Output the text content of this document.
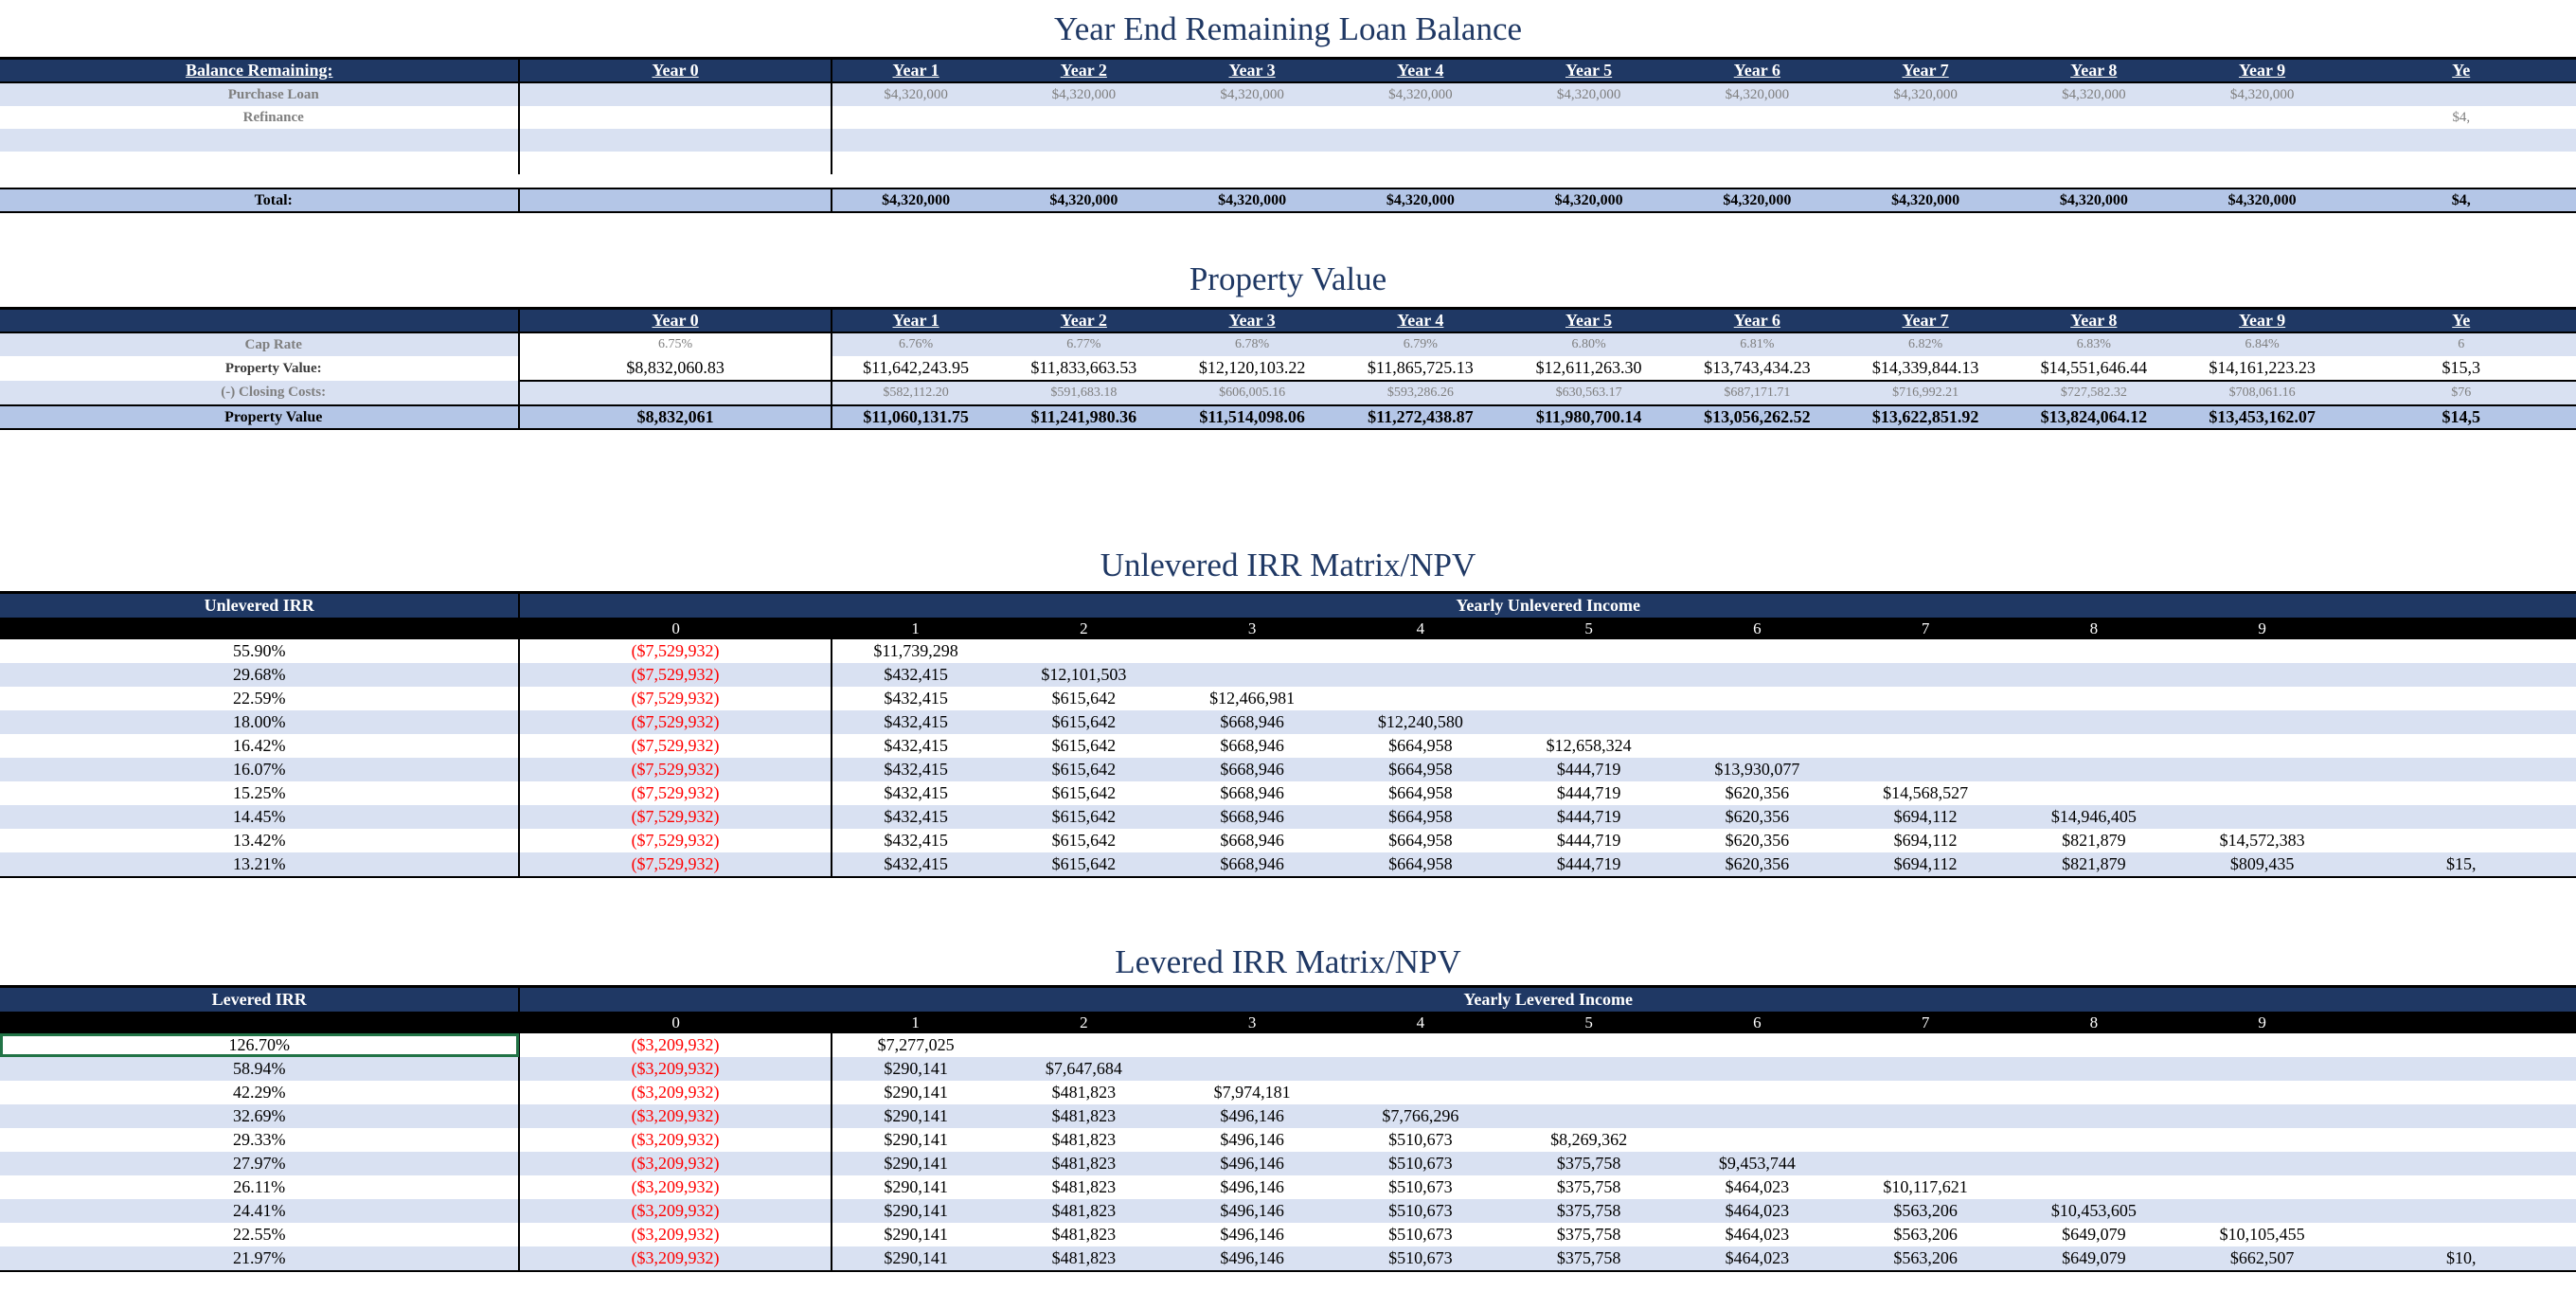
Year End Remaining Loan Balance
Balance Remaining:	Year 0	Year 1	Year 2	Year 3	Year 4	Year 5	Year 6	Year 7	Year 8	Year 9	Ye
Purchase Loan		$4,320,000	$4,320,000	$4,320,000	$4,320,000	$4,320,000	$4,320,000	$4,320,000	$4,320,000	$4,320,000	
Refinance											$4,

Total:		$4,320,000	$4,320,000	$4,320,000	$4,320,000	$4,320,000	$4,320,000	$4,320,000	$4,320,000	$4,320,000	$4,
Property Value
	Year 0	Year 1	Year 2	Year 3	Year 4	Year 5	Year 6	Year 7	Year 8	Year 9	Ye
Cap Rate	6.75%	6.76%	6.77%	6.78%	6.79%	6.80%	6.81%	6.82%	6.83%	6.84%	6
Property Value:	$8,832,060.83	$11,642,243.95	$11,833,663.53	$12,120,103.22	$11,865,725.13	$12,611,263.30	$13,743,434.23	$14,339,844.13	$14,551,646.44	$14,161,223.23	$15,3
(-) Closing Costs:		$582,112.20	$591,683.18	$606,005.16	$593,286.26	$630,563.17	$687,171.71	$716,992.21	$727,582.32	$708,061.16	$76
Property Value	$8,832,061	$11,060,131.75	$11,241,980.36	$11,514,098.06	$11,272,438.87	$11,980,700.14	$13,056,262.52	$13,622,851.92	$13,824,064.12	$13,453,162.07	$14,5
Unlevered IRR Matrix/NPV
Unlevered IRR	Yearly Unlevered Income										
	0	1	2	3	4	5	6	7	8	9	
55.90%	($7,529,932)	$11,739,298									
29.68%	($7,529,932)	$432,415	$12,101,503								
22.59%	($7,529,932)	$432,415	$615,642	$12,466,981							
18.00%	($7,529,932)	$432,415	$615,642	$668,946	$12,240,580						
16.42%	($7,529,932)	$432,415	$615,642	$668,946	$664,958	$12,658,324					
16.07%	($7,529,932)	$432,415	$615,642	$668,946	$664,958	$444,719	$13,930,077				
15.25%	($7,529,932)	$432,415	$615,642	$668,946	$664,958	$444,719	$620,356	$14,568,527			
14.45%	($7,529,932)	$432,415	$615,642	$668,946	$664,958	$444,719	$620,356	$694,112	$14,946,405		
13.42%	($7,529,932)	$432,415	$615,642	$668,946	$664,958	$444,719	$620,356	$694,112	$821,879	$14,572,383	
13.21%	($7,529,932)	$432,415	$615,642	$668,946	$664,958	$444,719	$620,356	$694,112	$821,879	$809,435	$15,
Levered IRR Matrix/NPV
Levered IRR	Yearly Levered Income										
	0	1	2	3	4	5	6	7	8	9	
126.70%	($3,209,932)	$7,277,025									
58.94%	($3,209,932)	$290,141	$7,647,684								
42.29%	($3,209,932)	$290,141	$481,823	$7,974,181							
32.69%	($3,209,932)	$290,141	$481,823	$496,146	$7,766,296						
29.33%	($3,209,932)	$290,141	$481,823	$496,146	$510,673	$8,269,362					
27.97%	($3,209,932)	$290,141	$481,823	$496,146	$510,673	$375,758	$9,453,744				
26.11%	($3,209,932)	$290,141	$481,823	$496,146	$510,673	$375,758	$464,023	$10,117,621			
24.41%	($3,209,932)	$290,141	$481,823	$496,146	$510,673	$375,758	$464,023	$563,206	$10,453,605		
22.55%	($3,209,932)	$290,141	$481,823	$496,146	$510,673	$375,758	$464,023	$563,206	$649,079	$10,105,455	
21.97%	($3,209,932)	$290,141	$481,823	$496,146	$510,673	$375,758	$464,023	$563,206	$649,079	$662,507	$10,
